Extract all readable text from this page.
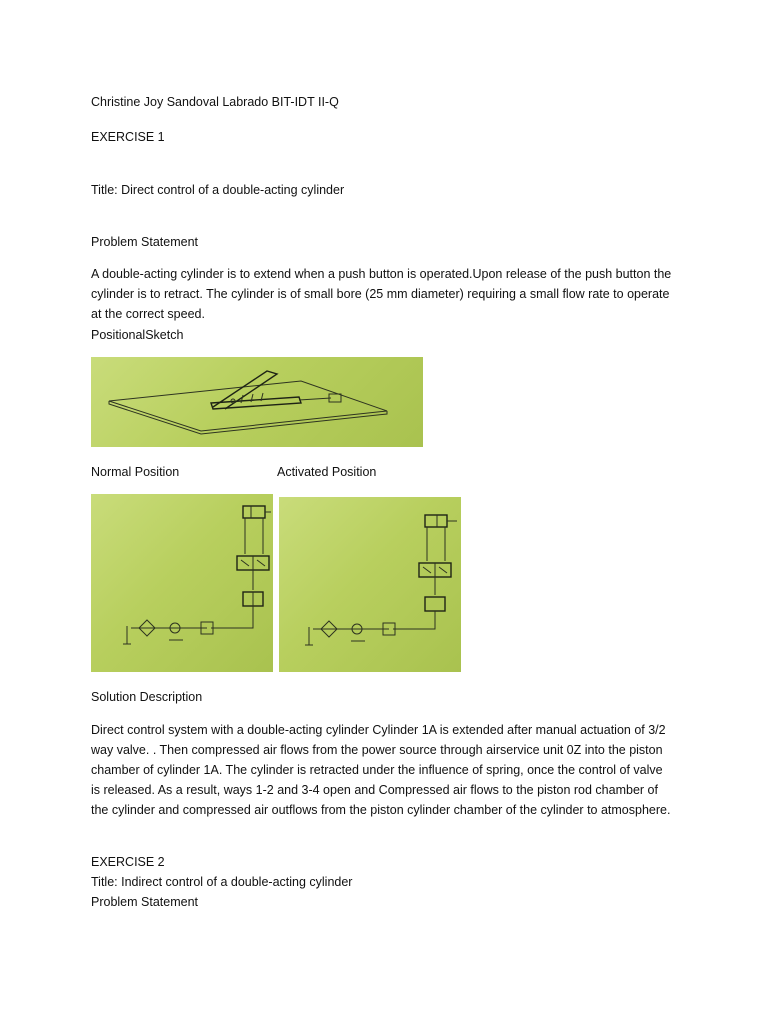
Christine Joy Sandoval Labrado BIT-IDT II-Q
EXERCISE 1
Title: Direct control of a double-acting cylinder
Problem Statement
A double-acting cylinder is to extend when a push button is operated.Upon release of the push button the cylinder is to retract. The cylinder is of small bore (25 mm diameter) requiring a small flow rate to operate at the correct speed.
PositionalSketch
Normal Position	Activated Position
Solution Description
Direct control system with a double-acting cylinder Cylinder 1A is extended after manual actuation of 3/2 way valve. . Then compressed air flows from the power source through airservice unit 0Z into the piston chamber of cylinder 1A. The cylinder is retracted under the influence of spring, once the control of valve is released. As a result, ways 1-2 and 3-4 open and Compressed air flows to the piston rod chamber of the cylinder and compressed air outflows from the piston cylinder chamber of the cylinder to atmosphere.
EXERCISE 2
Title: Indirect control of a double-acting cylinder
Problem Statement
